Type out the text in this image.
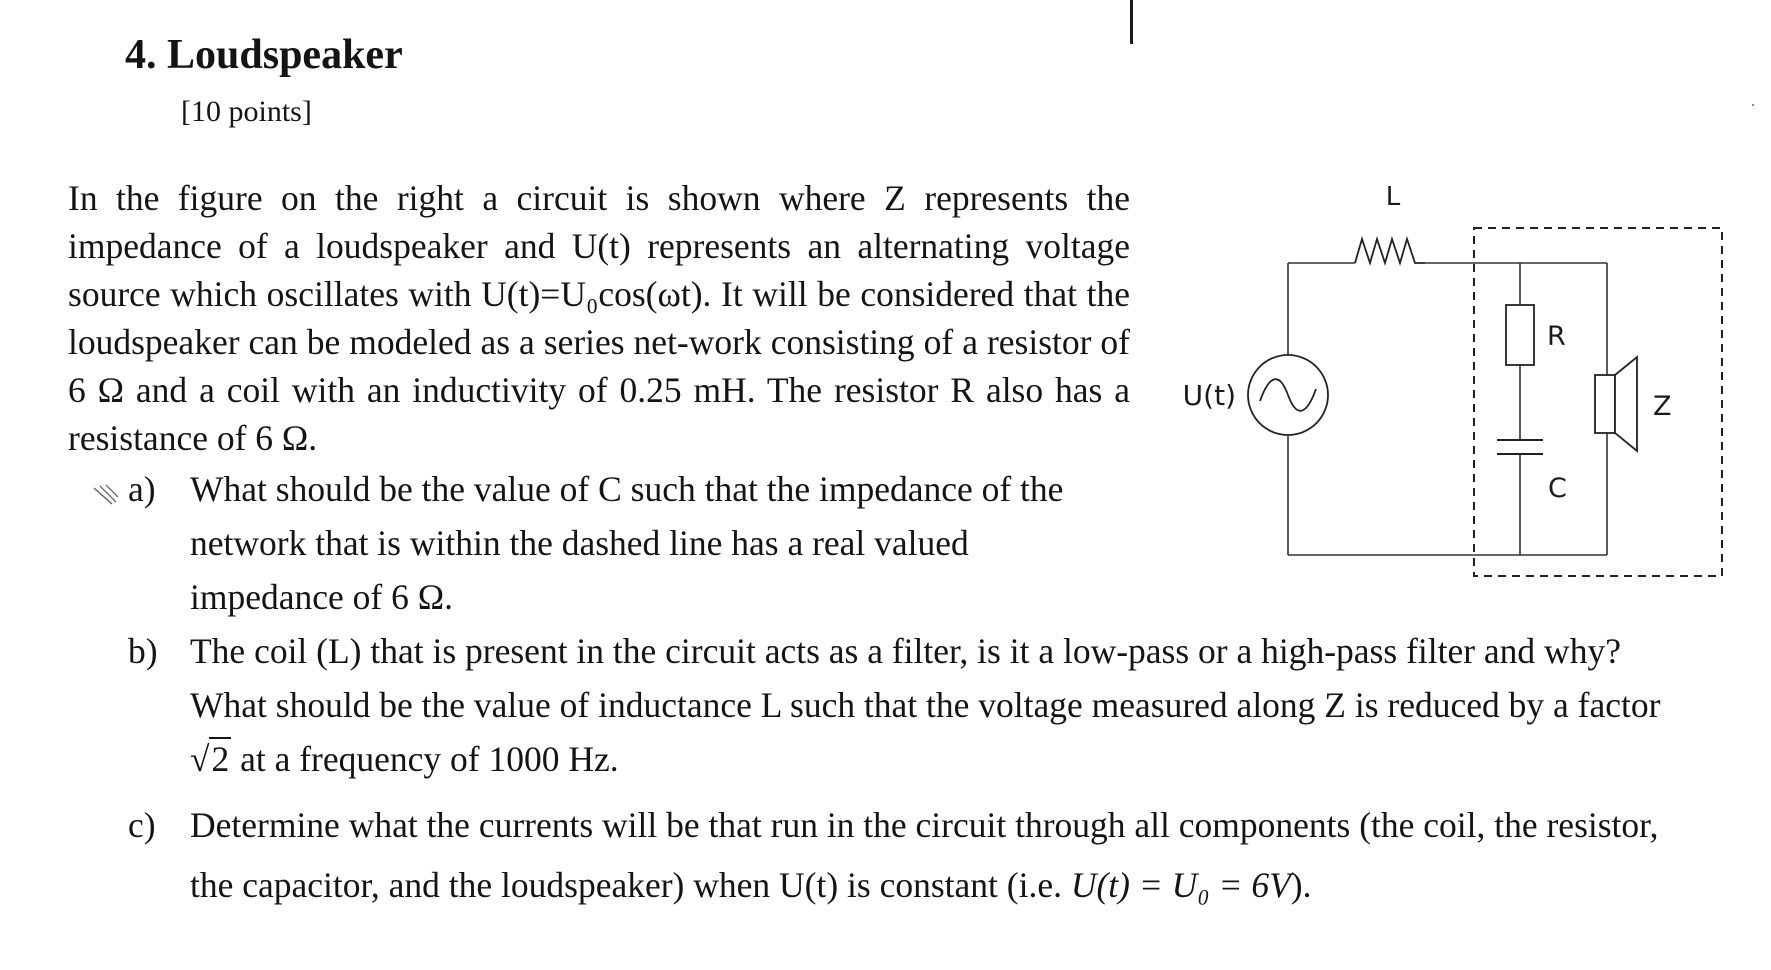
4. Loudspeaker
[10 points]

In the figure on the right a circuit is shown where Z represents the impedance of a loudspeaker and U(t) represents an alternating voltage source which oscillates with U(t)=U₀cos(ωt). It will be considered that the loudspeaker can be modeled as a series net-work consisting of a resistor of 6 Ω and a coil with an inductivity of 0.25 mH. The resistor R also has a resistance of 6 Ω.

a) What should be the value of C such that the impedance of the network that is within the dashed line has a real valued impedance of 6 Ω.
b) The coil (L) that is present in the circuit acts as a filter, is it a low-pass or a high-pass filter and why? What should be the value of inductance L such that the voltage measured along Z is reduced by a factor √2 at a frequency of 1000 Hz.
c) Determine what the currents will be that run in the circuit through all components (the coil, the resistor, the capacitor, and the loudspeaker) when U(t) is constant (i.e. U(t) = U₀ = 6V).
L
U(t)
R
C
Z
